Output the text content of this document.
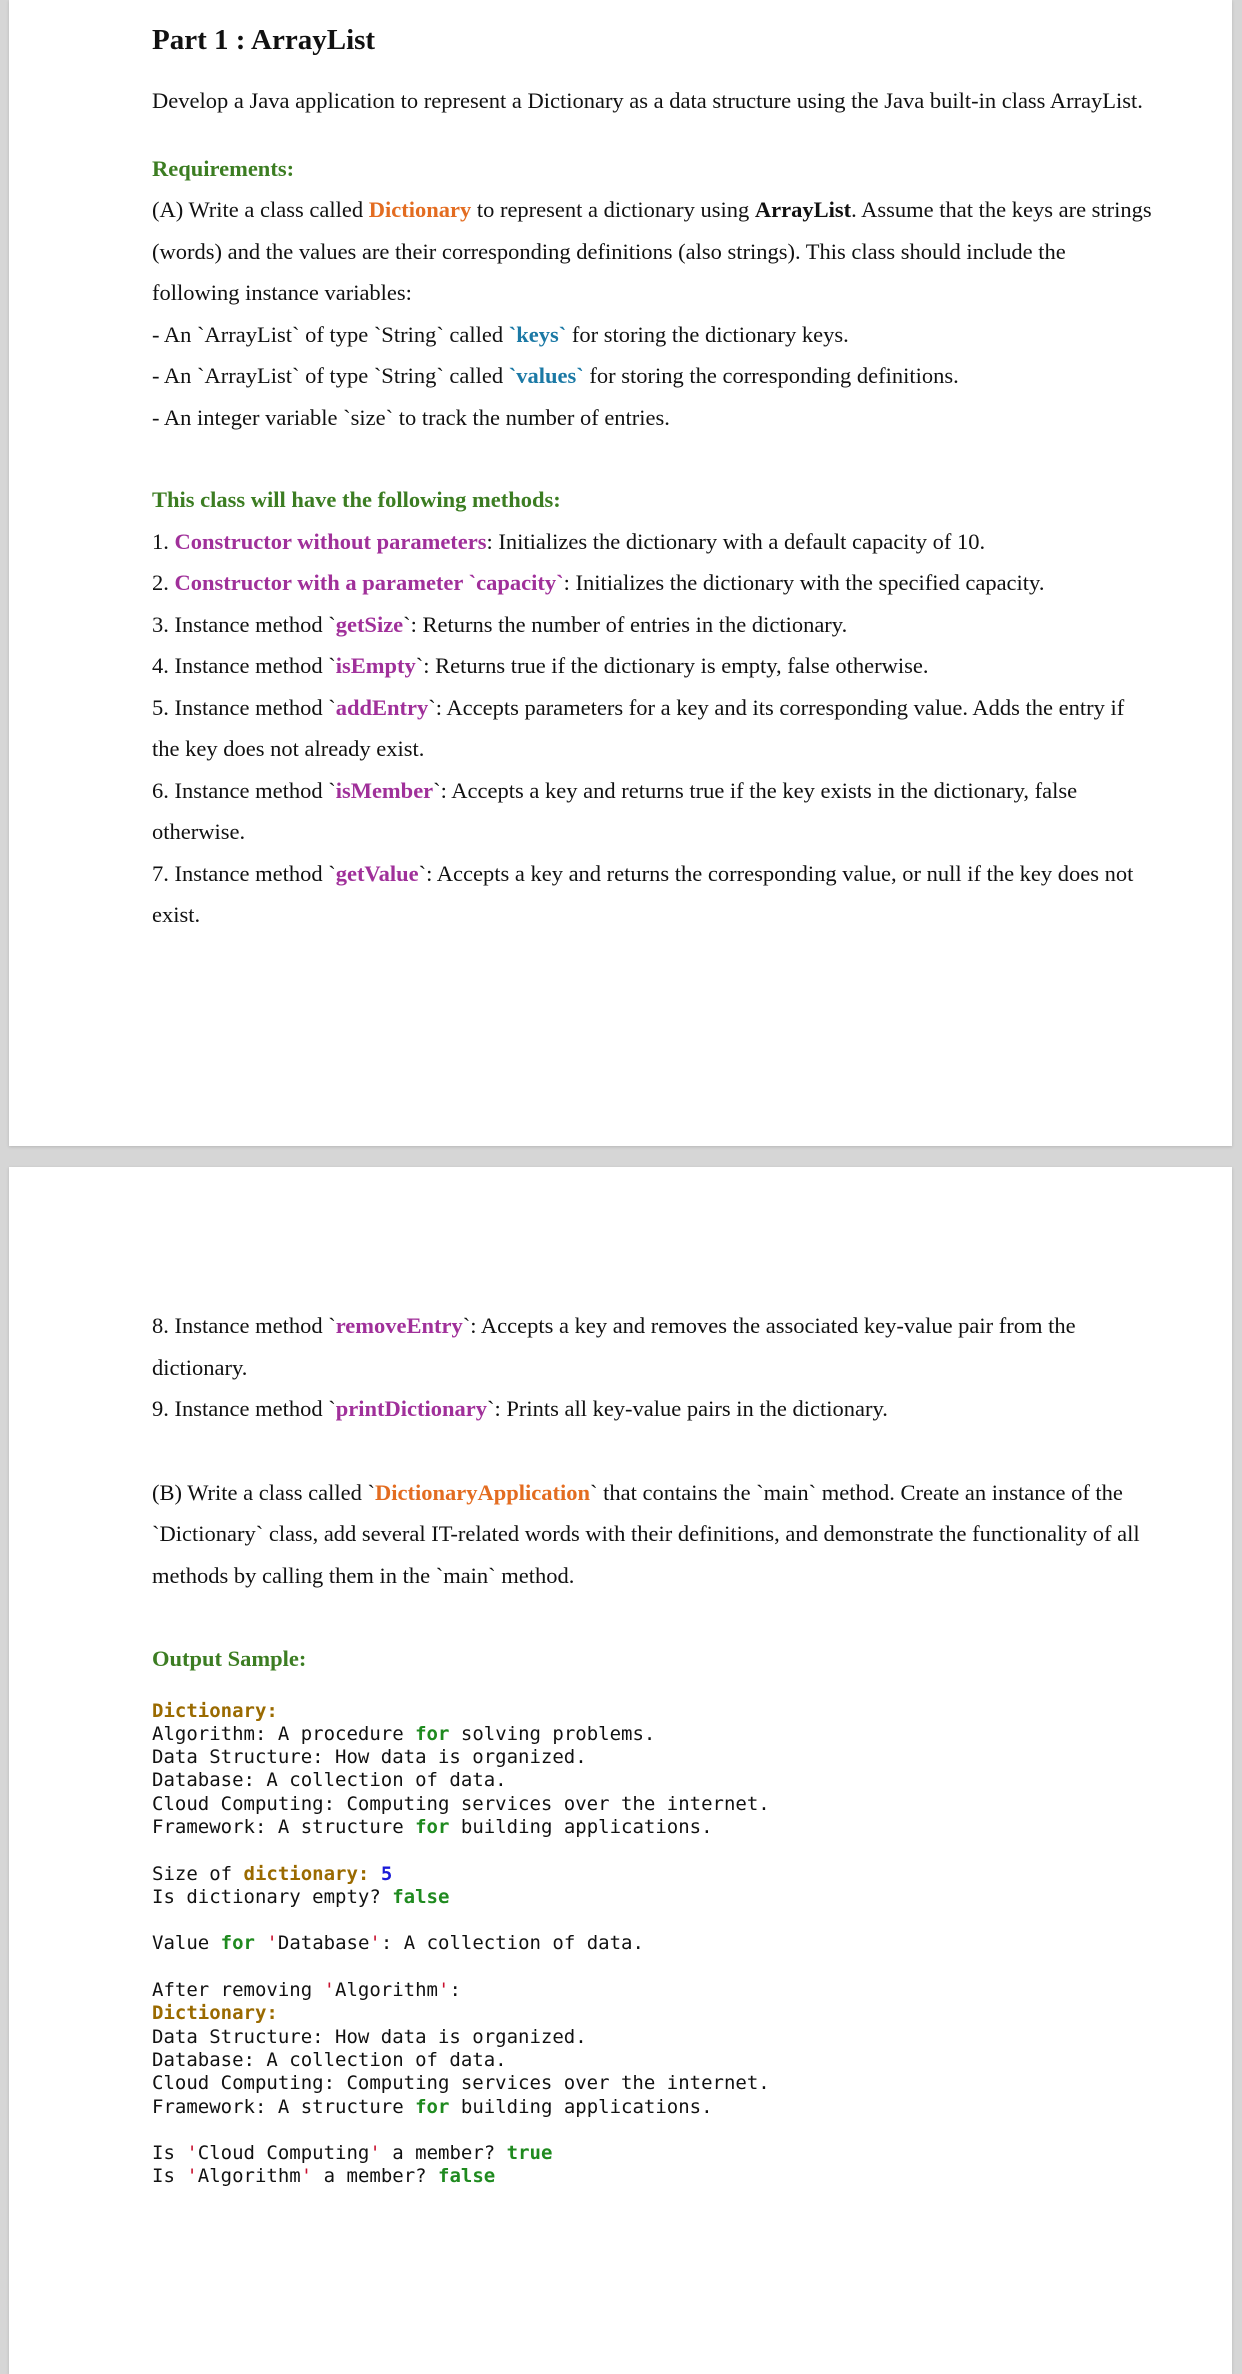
Part 1 : ArrayList

Develop a Java application to represent a Dictionary as a data structure using the Java built-in class ArrayList.

Requirements:

(A) Write a class called Dictionary to represent a dictionary using ArrayList. Assume that the keys are strings (words) and the values are their corresponding definitions (also strings). This class should include the following instance variables:

- An `ArrayList` of type `String` called `keys` for storing the dictionary keys.

- An `ArrayList` of type `String` called `values` for storing the corresponding definitions.

- An integer variable `size` to track the number of entries.

This class will have the following methods:

1. Constructor without parameters: Initializes the dictionary with a default capacity of 10.

2. Constructor with a parameter `capacity`: Initializes the dictionary with the specified capacity.

3. Instance method `getSize`: Returns the number of entries in the dictionary.

4. Instance method `isEmpty`: Returns true if the dictionary is empty, false otherwise.

5. Instance method `addEntry`: Accepts parameters for a key and its corresponding value. Adds the entry if the key does not already exist.

6. Instance method `isMember`: Accepts a key and returns true if the key exists in the dictionary, false otherwise.

7. Instance method `getValue`: Accepts a key and returns the corresponding value, or null if the key does not exist.

8. Instance method `removeEntry`: Accepts a key and removes the associated key-value pair from the dictionary.

9. Instance method `printDictionary`: Prints all key-value pairs in the dictionary.

(B) Write a class called `DictionaryApplication` that contains the `main` method. Create an instance of the `Dictionary` class, add several IT-related words with their definitions, and demonstrate the functionality of all methods by calling them in the `main` method.

Output Sample:

Dictionary:
Algorithm: A procedure for solving problems.
Data Structure: How data is organized.
Database: A collection of data.
Cloud Computing: Computing services over the internet.
Framework: A structure for building applications.
Size of dictionary: 5
Is dictionary empty? false
Value for 'Database': A collection of data.
After removing 'Algorithm':
Dictionary:
Data Structure: How data is organized.
Database: A collection of data.
Cloud Computing: Computing services over the internet.
Framework: A structure for building applications.
Is 'Cloud Computing' a member? true
Is 'Algorithm' a member? false
